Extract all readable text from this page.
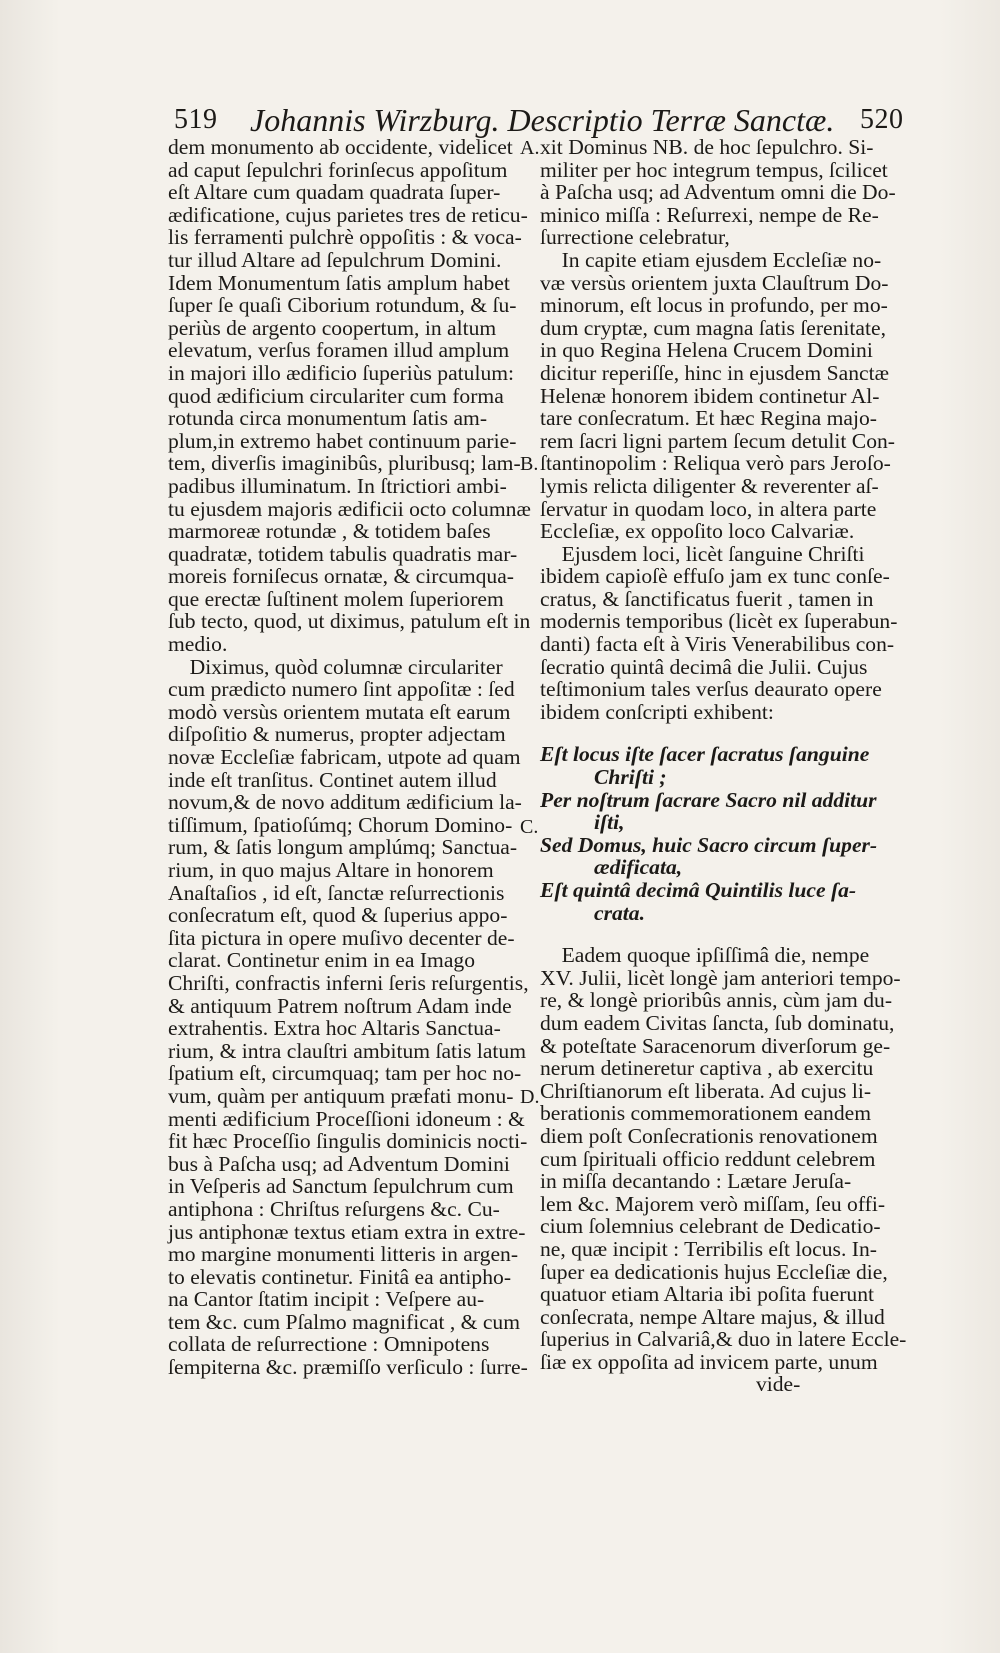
519 Johannis Wirzburg. Descriptio Terræ Sanctæ. 520
dem monumento ab occidente, videlicet
ad caput ſepulchri forinſecus appoſitum
eſt Altare cum quadam quadrata ſuper-
ædificatione, cujus parietes tres de reticu-
lis ferramenti pulchrè oppoſitis : & voca-
tur illud Altare ad ſepulchrum Domini.
Idem Monumentum ſatis amplum habet
ſuper ſe quaſi Ciborium rotundum, & ſu-
periùs de argento coopertum, in altum
elevatum, verſus foramen illud amplum
in majori illo ædificio ſuperiùs patulum:
quod ædificium circulariter cum forma
rotunda circa monumentum ſatis am-
plum,in extremo habet continuum parie-
tem, diverſis imaginibûs, pluribusq; lam-
padibus illuminatum. In ſtrictiori ambi-
tu ejusdem majoris ædificii octo columnæ
marmoreæ rotundæ , & totidem baſes
quadratæ, totidem tabulis quadratis mar-
moreis forniſecus ornatæ, & circumqua-
que erectæ ſuſtinent molem ſuperiorem
ſub tecto, quod, ut diximus, patulum eſt in
medio.
Diximus, quòd columnæ circulariter
cum prædicto numero ſint appoſitæ : ſed
modò versùs orientem mutata eſt earum
diſpoſitio & numerus, propter adjectam
novæ Eccleſiæ fabricam, utpote ad quam
inde eſt tranſitus. Continet autem illud
novum,& de novo additum ædificium la-
tiſſimum, ſpatioſúmq; Chorum Domino-
rum, & ſatis longum amplúmq; Sanctua-
rium, in quo majus Altare in honorem
Anaſtaſios , id eſt, ſanctæ reſurrectionis
conſecratum eſt, quod & ſuperius appo-
ſita pictura in opere muſivo decenter de-
clarat. Continetur enim in ea Imago
Chriſti, confractis inferni ſeris reſurgentis,
& antiquum Patrem noſtrum Adam inde
extrahentis. Extra hoc Altaris Sanctua-
rium, & intra clauſtri ambitum ſatis latum
ſpatium eſt, circumquaq; tam per hoc no-
vum, quàm per antiquum præfati monu-
menti ædificium Proceſſioni idoneum : &
fit hæc Proceſſio ſingulis dominicis nocti-
bus à Paſcha usq; ad Adventum Domini
in Veſperis ad Sanctum ſepulchrum cum
antiphona : Chriſtus reſurgens &c. Cu-
jus antiphonæ textus etiam extra in extre-
mo margine monumenti litteris in argen-
to elevatis continetur. Finitâ ea antipho-
na Cantor ſtatim incipit : Veſpere au-
tem &c. cum Pſalmo magnificat , & cum
collata de reſurrectione : Omnipotens
ſempiterna &c. præmiſſo verſiculo : ſurre-
xit Dominus NB. de hoc ſepulchro. Si-
militer per hoc integrum tempus, ſcilicet
à Paſcha usq; ad Adventum omni die Do-
minico miſſa : Reſurrexi, nempe de Re-
ſurrectione celebratur,
In capite etiam ejusdem Eccleſiæ no-
væ versùs orientem juxta Clauſtrum Do-
minorum, eſt locus in profundo, per mo-
dum cryptæ, cum magna ſatis ſerenitate,
in quo Regina Helena Crucem Domini
dicitur reperiſſe, hinc in ejusdem Sanctæ
Helenæ honorem ibidem continetur Al-
tare conſecratum. Et hæc Regina majo-
rem ſacri ligni partem ſecum detulit Con-
ſtantinopolim : Reliqua verò pars Jeroſo-
lymis relicta diligenter & reverenter aſ-
ſervatur in quodam loco, in altera parte
Eccleſiæ, ex oppoſito loco Calvariæ.
Ejusdem loci, licèt ſanguine Chriſti
ibidem capioſè effuſo jam ex tunc conſe-
cratus, & ſanctificatus fuerit , tamen in
modernis temporibus (licèt ex ſuperabun-
danti) facta eſt à Viris Venerabilibus con-
ſecratio quintâ decimâ die Julii. Cujus
teſtimonium tales verſus deaurato opere
ibidem conſcripti exhibent:
Eſt locus iſte ſacer ſacratus ſanguine
Chriſti ;
Per noſtrum ſacrare Sacro nil additur
iſti,
Sed Domus, huic Sacro circum ſuper-
ædificata,
Eſt quintâ decimâ Quintilis luce ſa-
crata.
Eadem quoque ipſiſſimâ die, nempe
XV. Julii, licèt longè jam anteriori tempo-
re, & longè prioribûs annis, cùm jam du-
dum eadem Civitas ſancta, ſub dominatu,
& poteſtate Saracenorum diverſorum ge-
nerum detineretur captiva , ab exercitu
Chriſtianorum eſt liberata. Ad cujus li-
berationis commemorationem eandem
diem poſt Conſecrationis renovationem
cum ſpirituali officio reddunt celebrem
in miſſa decantando : Lætare Jeruſa-
lem &c. Majorem verò miſſam, ſeu offi-
cium ſolemnius celebrant de Dedicatio-
ne, quæ incipit : Terribilis eſt locus. In-
ſuper ea dedicationis hujus Eccleſiæ die,
quatuor etiam Altaria ibi poſita fuerunt
conſecrata, nempe Altare majus, & illud
ſuperius in Calvariâ,& duo in latere Eccle-
ſiæ ex oppoſita ad invicem parte, unum
vide-
A.
B.
C.
D.
